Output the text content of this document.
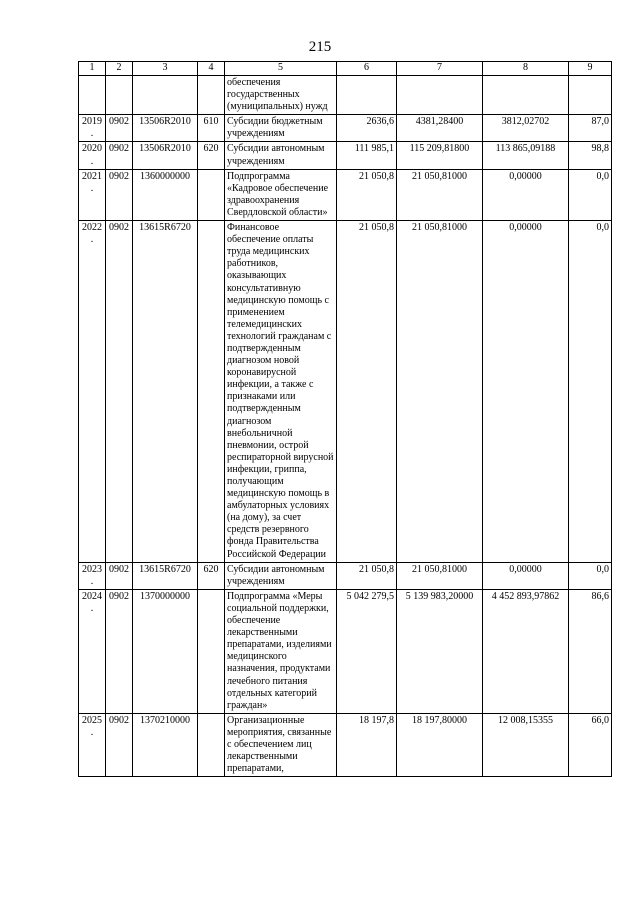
215
1	2	3	4	5	6	7	8	9
				обеспечения государственных (муниципальных) нужд				
2019.	0902	13506R2010	610	Субсидии бюджетным учреждениям	2636,6	4381,28400	3812,02702	87,0
2020.	0902	13506R2010	620	Субсидии автономным учреждениям	111 985,1	115 209,81800	113 865,09188	98,8
2021.	0902	1360000000		Подпрограмма «Кадровое обеспечение здравоохранения Свердловской области»	21 050,8	21 050,81000	0,00000	0,0
2022.	0902	13615R6720		Финансовое обеспечение оплаты труда медицинских работников, оказывающих консультативную медицинскую помощь с применением телемедицинских технологий гражданам с подтвержденным диагнозом новой коронавирусной инфекции, а также с признаками или подтвержденным диагнозом внебольничной пневмонии, острой респираторной вирусной инфекции, гриппа, получающим медицинскую помощь в амбулаторных условиях (на дому), за счет средств резервного фонда Правительства Российской Федерации	21 050,8	21 050,81000	0,00000	0,0
2023.	0902	13615R6720	620	Субсидии автономным учреждениям	21 050,8	21 050,81000	0,00000	0,0
2024.	0902	1370000000		Подпрограмма «Меры социальной поддержки, обеспечение лекарственными препаратами, изделиями медицинского назначения, продуктами лечебного питания отдельных категорий граждан»	5 042 279,5	5 139 983,20000	4 452 893,97862	86,6
2025.	0902	1370210000		Организационные мероприятия, связанные с обеспечением лиц лекарственными препаратами,	18 197,8	18 197,80000	12 008,15355	66,0
